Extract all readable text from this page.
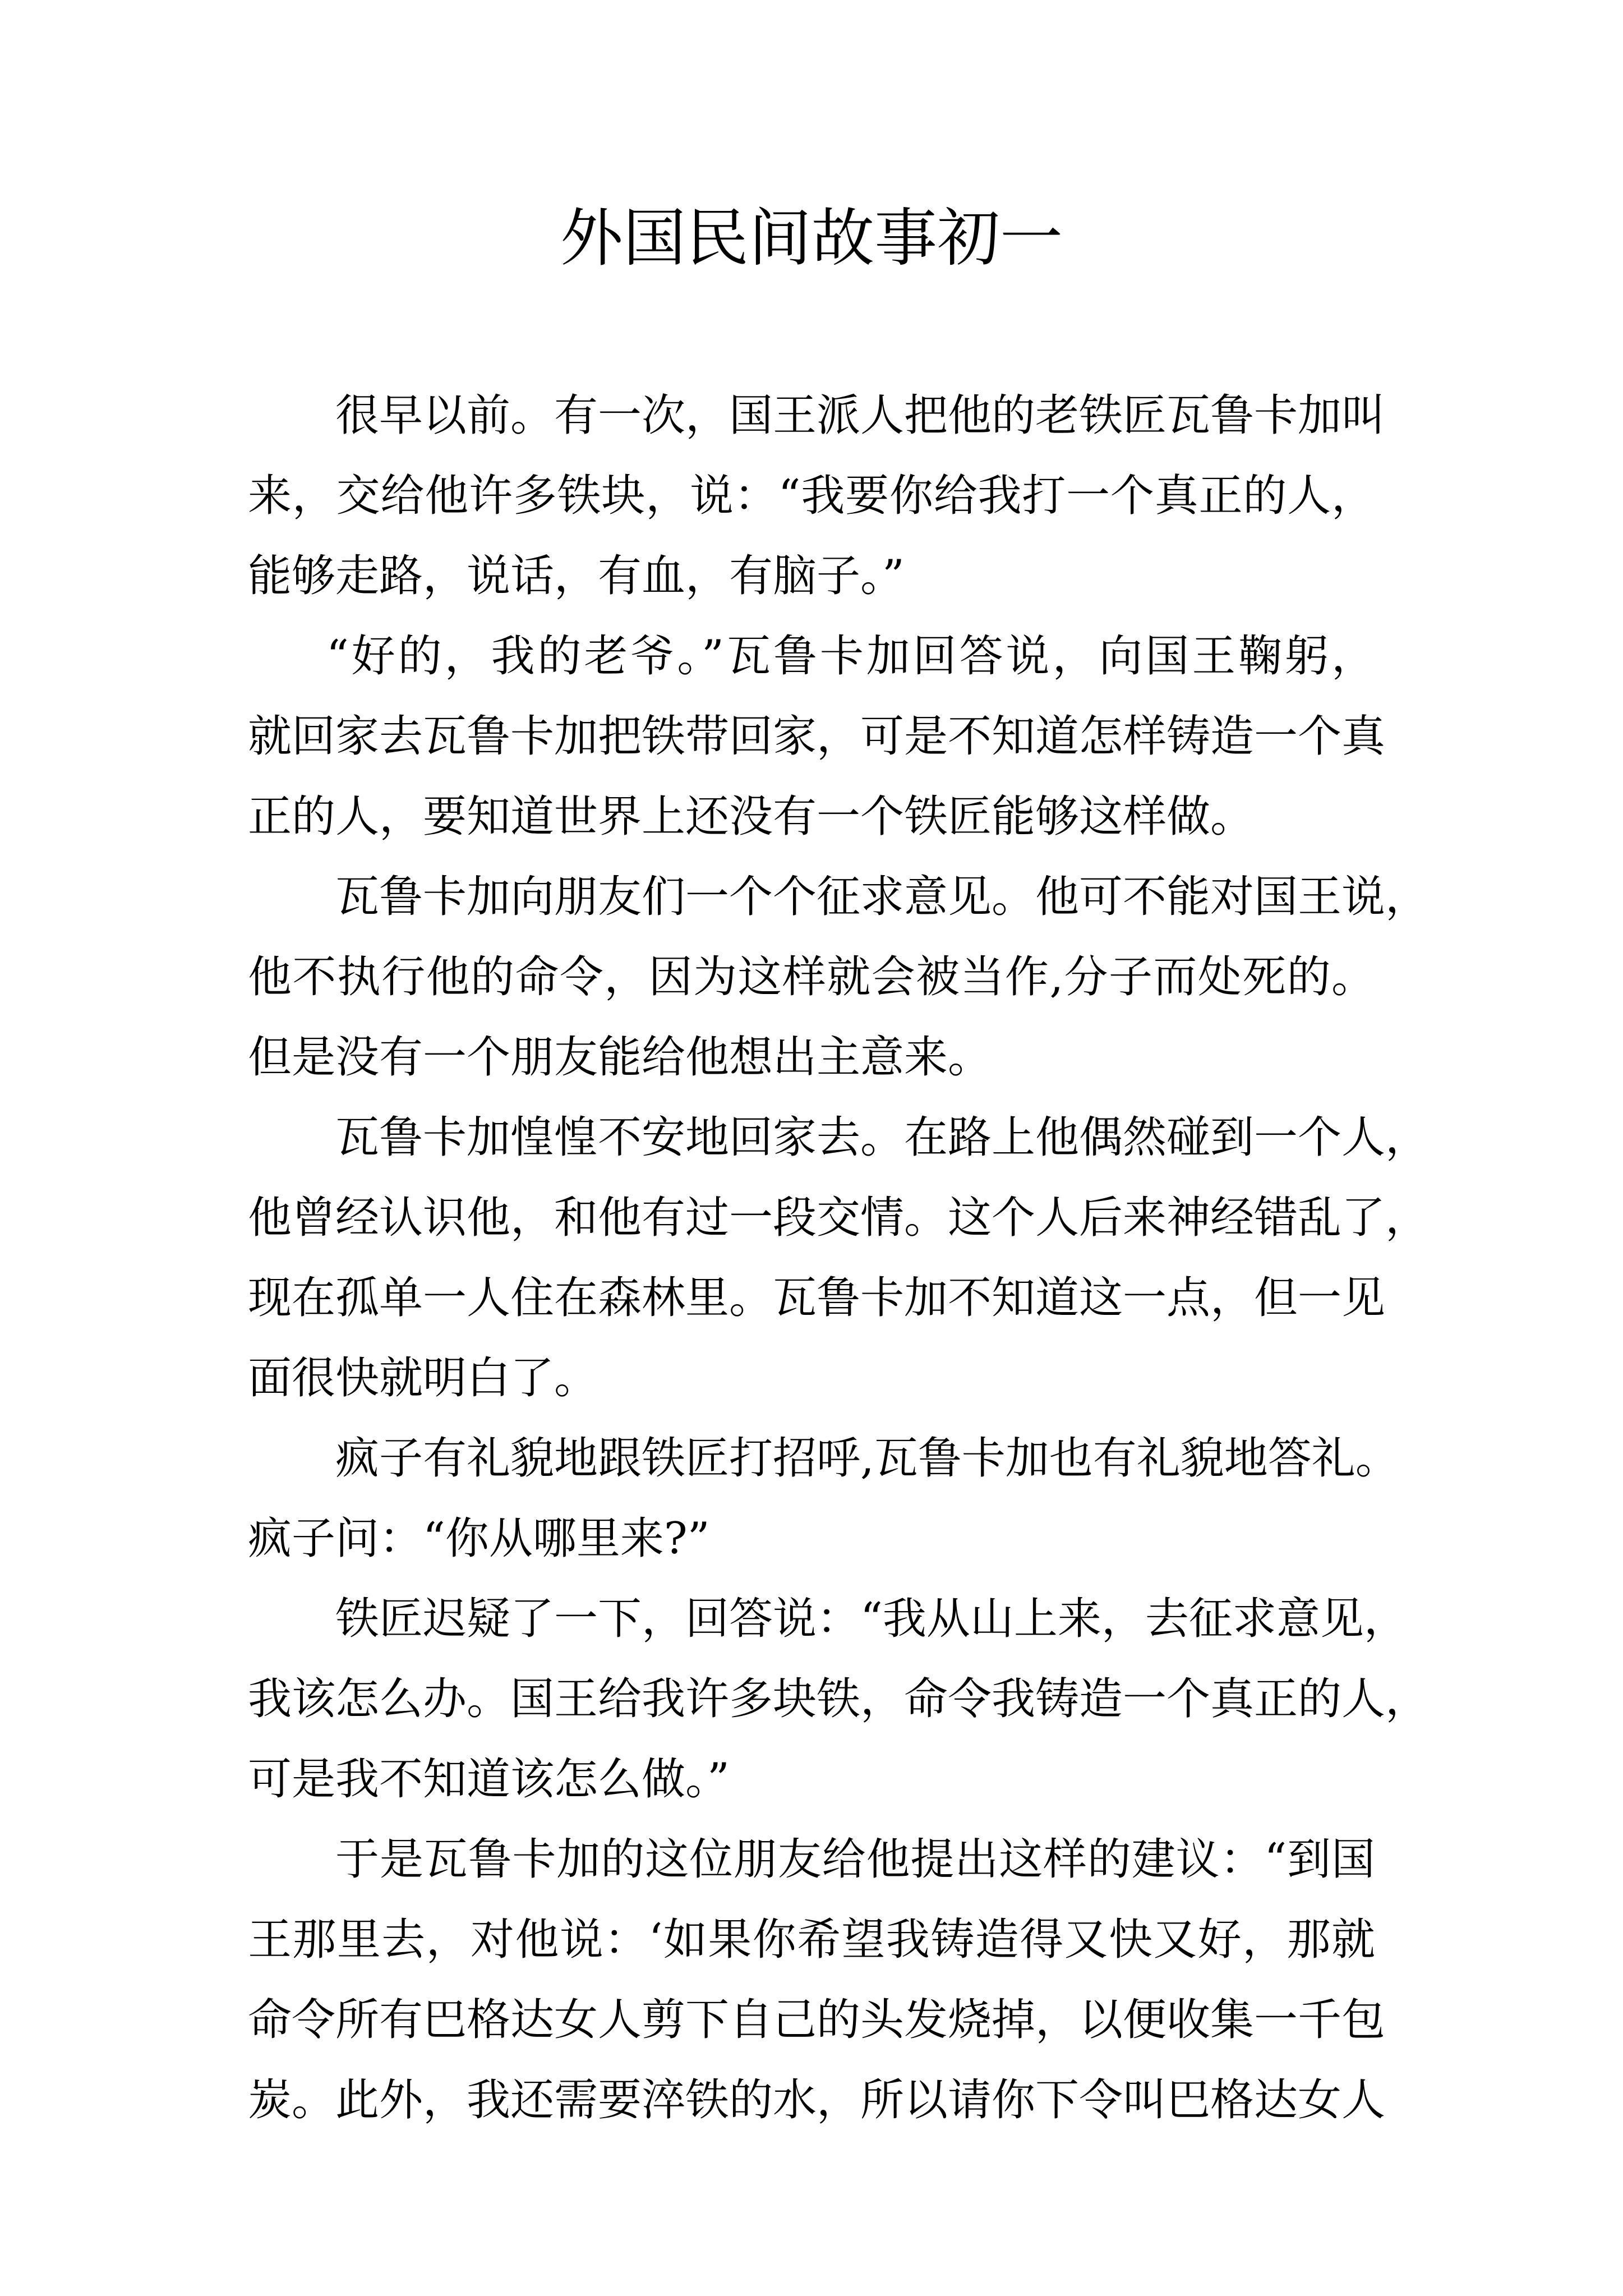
外国民间故事初一
很早以前。有一次，国王派人把他的老铁匠瓦鲁卡加叫
来，交给他许多铁块，说：“我要你给我打一个真正的人，
能够走路，说话，有血，有脑子。”
“好的，我的老爷。”瓦鲁卡加回答说，向国王鞠躬，
就回家去瓦鲁卡加把铁带回家，可是不知道怎样铸造一个真
正的人，要知道世界上还没有一个铁匠能够这样做。
瓦鲁卡加向朋友们一个个征求意见。他可不能对国王说，
他不执行他的命令，因为这样就会被当作,分子而处死的。
但是没有一个朋友能给他想出主意来。
瓦鲁卡加惶惶不安地回家去。在路上他偶然碰到一个人，
他曾经认识他，和他有过一段交情。这个人后来神经错乱了，
现在孤单一人住在森林里。瓦鲁卡加不知道这一点，但一见
面很快就明白了。
疯子有礼貌地跟铁匠打招呼,瓦鲁卡加也有礼貌地答礼。
疯子问：“你从哪里来?”
铁匠迟疑了一下，回答说：“我从山上来，去征求意见，
我该怎么办。国王给我许多块铁，命令我铸造一个真正的人，
可是我不知道该怎么做。”
于是瓦鲁卡加的这位朋友给他提出这样的建议：“到国
王那里去，对他说：‘如果你希望我铸造得又快又好，那就
命令所有巴格达女人剪下自己的头发烧掉，以便收集一千包
炭。此外，我还需要淬铁的水，所以请你下令叫巴格达女人
